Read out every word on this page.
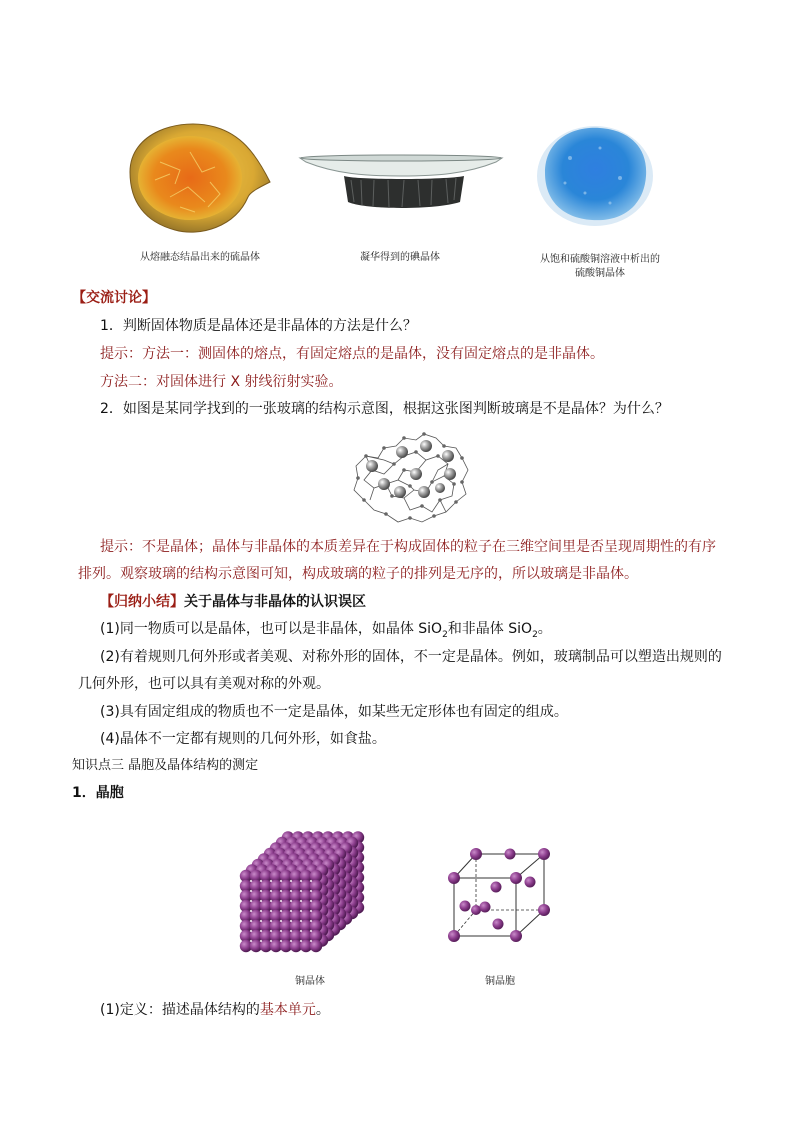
从熔融态结晶出来的硫晶体	凝华得到的碘晶体	从饱和硫酸铜溶液中析出的
硫酸铜晶体
【交流讨论】
1．判断固体物质是晶体还是非晶体的方法是什么？
提示：方法一：测固体的熔点，有固定熔点的是晶体，没有固定熔点的是非晶体。
方法二：对固体进行 X 射线衍射实验。
2．如图是某同学找到的一张玻璃的结构示意图，根据这张图判断玻璃是不是晶体？为什么？
提示：不是晶体；晶体与非晶体的本质差异在于构成固体的粒子在三维空间里是否呈现周期性的有序
排列。观察玻璃的结构示意图可知，构成玻璃的粒子的排列是无序的，所以玻璃是非晶体。
【归纳小结】关于晶体与非晶体的认识误区
(1)同一物质可以是晶体，也可以是非晶体，如晶体 SiO$_2$和非晶体 SiO$_2$。
(2)有着规则几何外形或者美观、对称外形的固体，不一定是晶体。例如，玻璃制品可以塑造出规则的
几何外形，也可以具有美观对称的外观。
(3)具有固定组成的物质也不一定是晶体，如某些无定形体也有固定的组成。
(4)晶体不一定都有规则的几何外形，如食盐。
知识点三 晶胞及晶体结构的测定
1．晶胞
铜晶体	铜晶胞
(1)定义：描述晶体结构的基本单元。
